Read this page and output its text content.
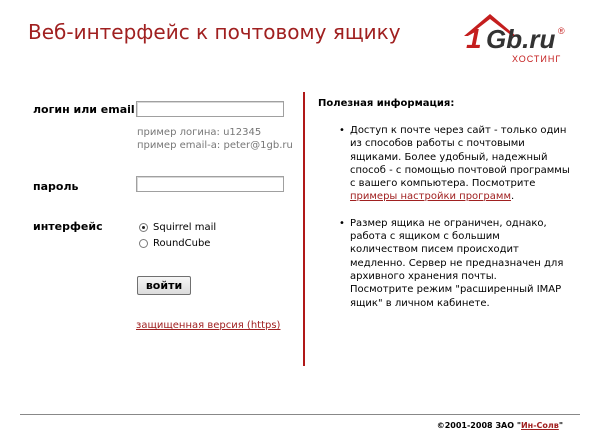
Веб-интерфейс к почтовому ящику 1 Gb.ru ®
ХОСТИНГ
логин или email
пример логина: u12345
пример email-а: peter@1gb.ru
пароль
интерфейс	Squirrel mail
RoundCube
войти
защищенная версия (https)
Полезная информация:
• Доступ к почте через сайт - только один из способов работы с почтовыми ящиками. Более удобный, надежный способ - с помощью почтовой программы с вашего компьютера. Посмотрите примеры настройки программ.
• Размер ящика не ограничен, однако, работа с ящиком с большим количеством писем происходит медленно. Сервер не предназначен для архивного хранения почты.
Посмотрите режим "расширенный IMAP ящик" в личном кабинете.
©2001-2008 ЗАО "Ин-Солв"
